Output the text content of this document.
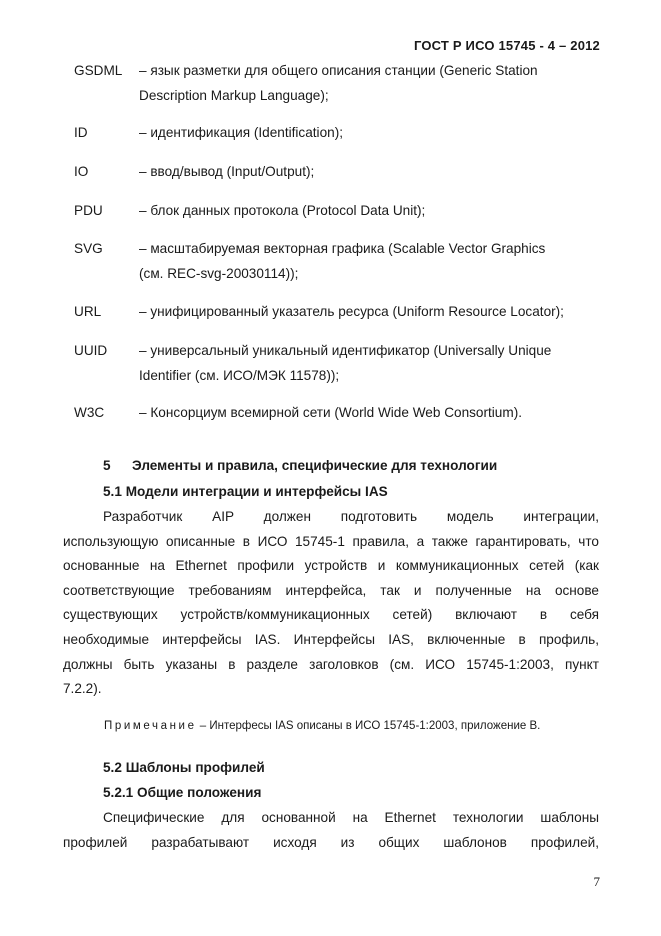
ГОСТ Р ИСО 15745 - 4 – 2012
GSDML	– язык разметки для общего описания станции (Generic Station
Description Markup Language);
ID	– идентификация (Identification);
IO	– ввод/вывод (Input/Output);
PDU	– блок данных протокола (Protocol Data Unit);
SVG	– масштабируемая векторная графика (Scalable Vector Graphics
(см. REC-svg-20030114));
URL	– унифицированный указатель ресурса (Uniform Resource Locator);
UUID	– универсальный уникальный идентификатор (Universally Unique
Identifier (см. ИСО/МЭК 11578));
W3C	– Консорциум всемирной сети (World Wide Web Consortium).
5 Элементы и правила, специфические для технологии
5.1 Модели интеграции и интерфейсы IAS
Разработчик AIP должен подготовить модель интеграции,
использующую описанные в ИСО 15745-1 правила, а также гарантировать, что
основанные на Ethernet профили устройств и коммуникационных сетей (как
соответствующие требованиям интерфейса, так и полученные на основе
существующих устройств/коммуникационных сетей) включают в себя
необходимые интерфейсы IAS. Интерфейсы IAS, включенные в профиль,
должны быть указаны в разделе заголовков (см. ИСО 15745-1:2003, пункт
7.2.2).
Примечание – Интерфесы IAS описаны в ИСО 15745-1:2003, приложение B.
5.2 Шаблоны профилей
5.2.1 Общие положения
Специфические для основанной на Ethernet технологии шаблоны
профилей разрабатывают исходя из общих шаблонов профилей,
7
